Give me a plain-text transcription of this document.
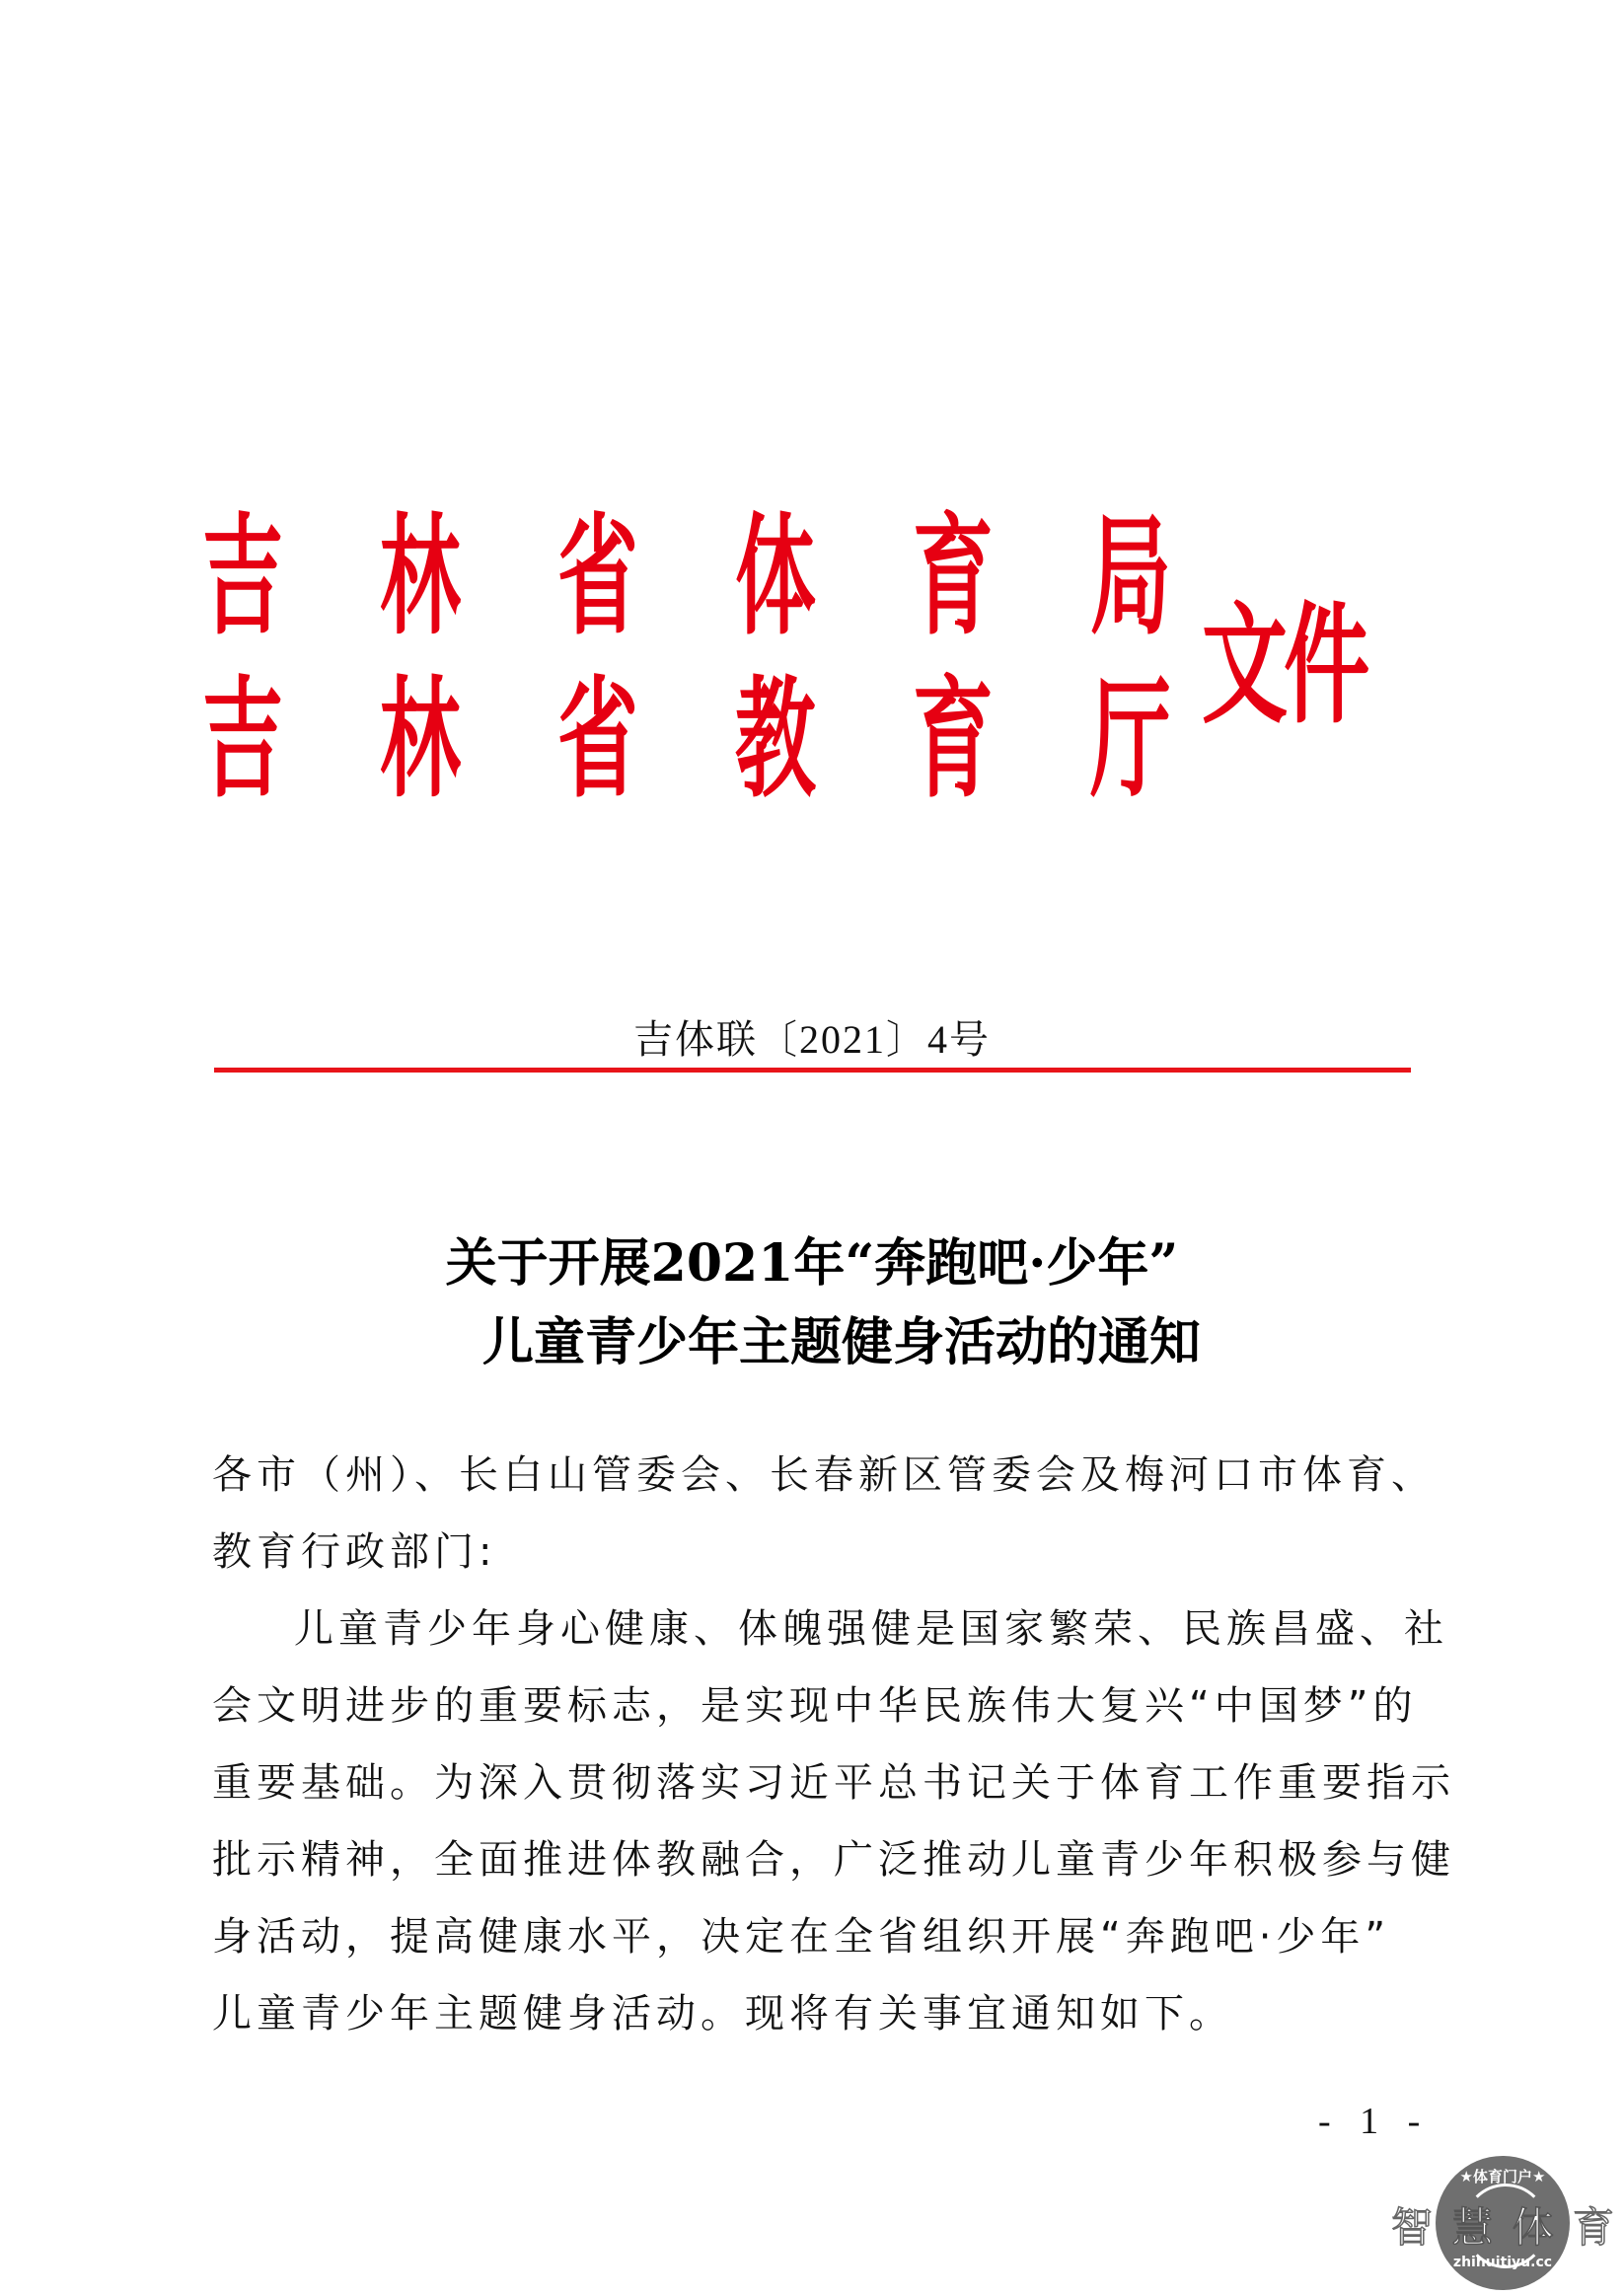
吉 林 省 体 育 局
吉 林 省 教 育 厅 文件
吉体联〔2021〕4号
关于开展2021年“奔跑吧·少年”
儿童青少年主题健身活动的通知
各市（州）、长白山管委会、长春新区管委会及梅河口市体育、
教育行政部门:
儿童青少年身心健康、体魄强健是国家繁荣、民族昌盛、社
会文明进步的重要标志，是实现中华民族伟大复兴“中国梦”的
重要基础。为深入贯彻落实习近平总书记关于体育工作重要指示
批示精神，全面推进体教融合，广泛推动儿童青少年积极参与健
身活动，提高健康水平，决定在全省组织开展“奔跑吧·少年”
儿童青少年主题健身活动。现将有关事宜通知如下。
- 1 -
★体育门户★
zhihuitiyu.cc
智 慧 体 育
